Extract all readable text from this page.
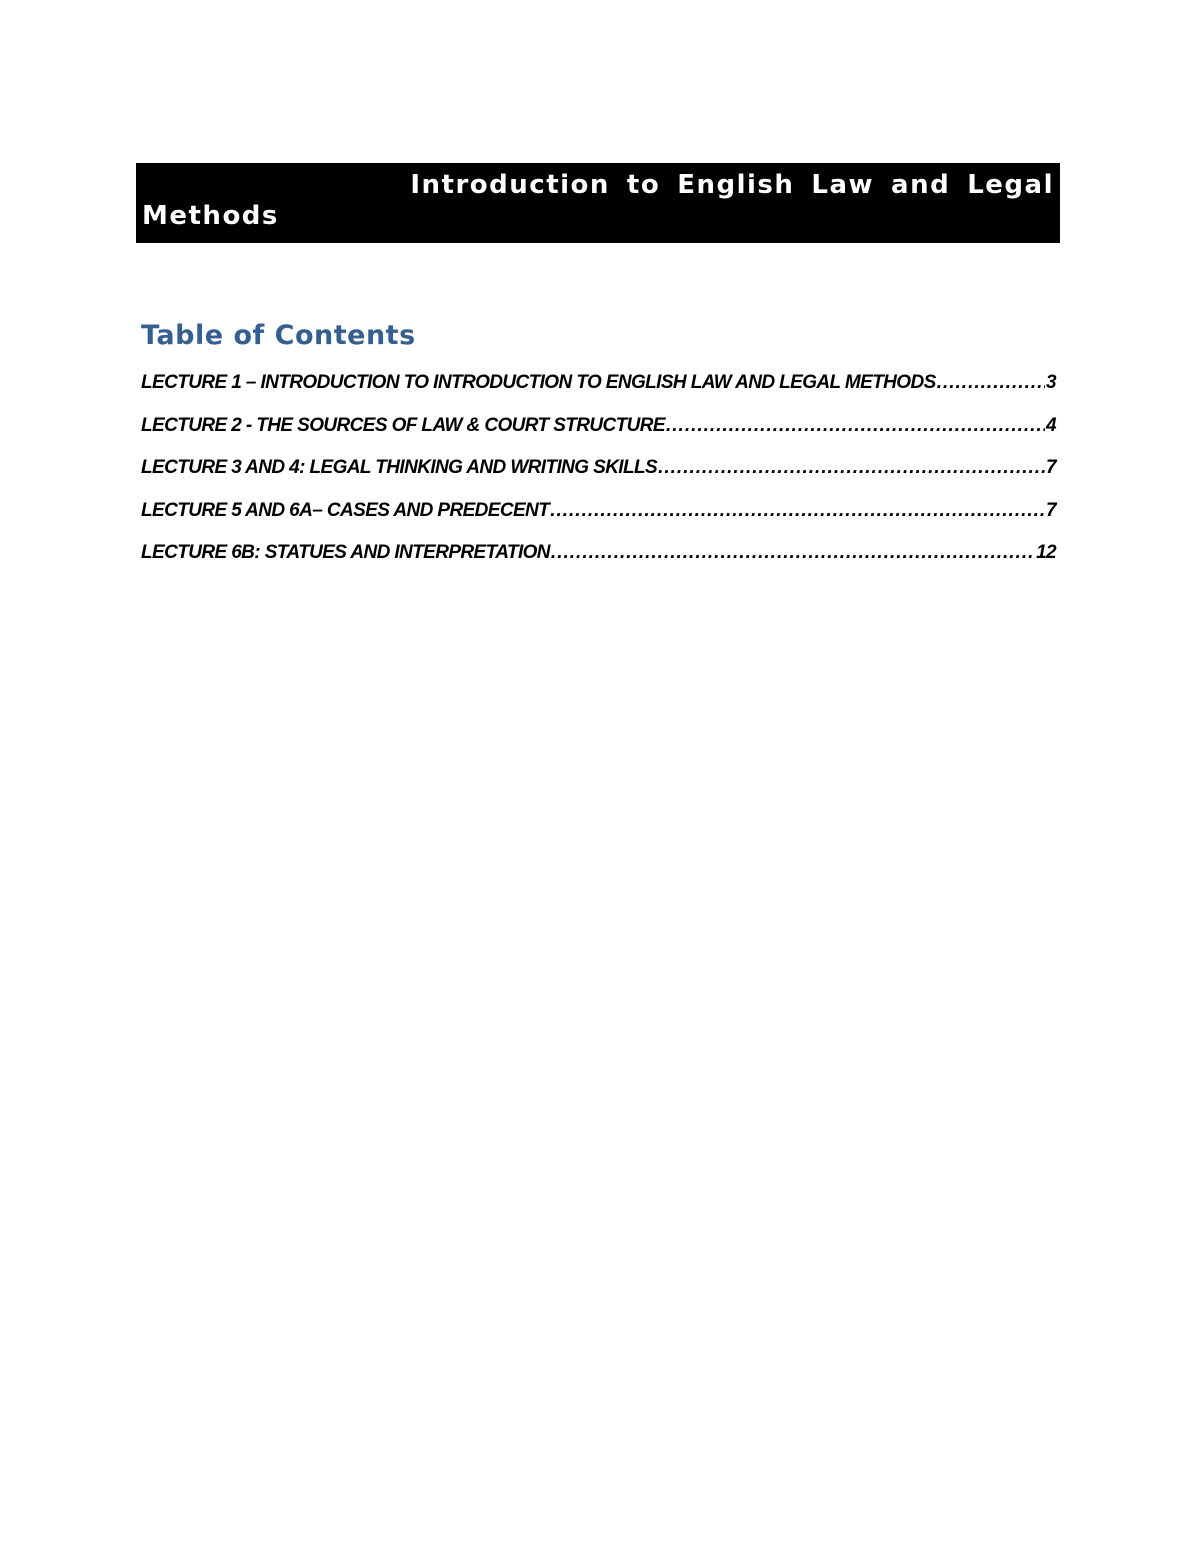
Introduction to English Law and Legal
Methods
Table of Contents
LECTURE 1 – INTRODUCTION TO INTRODUCTION TO ENGLISH LAW AND LEGAL METHODS .....	3
LECTURE 2 - THE SOURCES OF LAW & COURT STRUCTURE .....	4
LECTURE 3 AND 4: LEGAL THINKING AND WRITING SKILLS .....	7
LECTURE 5 AND 6A– CASES AND PREDECENT .....	7
LECTURE 6B: STATUES AND INTERPRETATION .....	12
